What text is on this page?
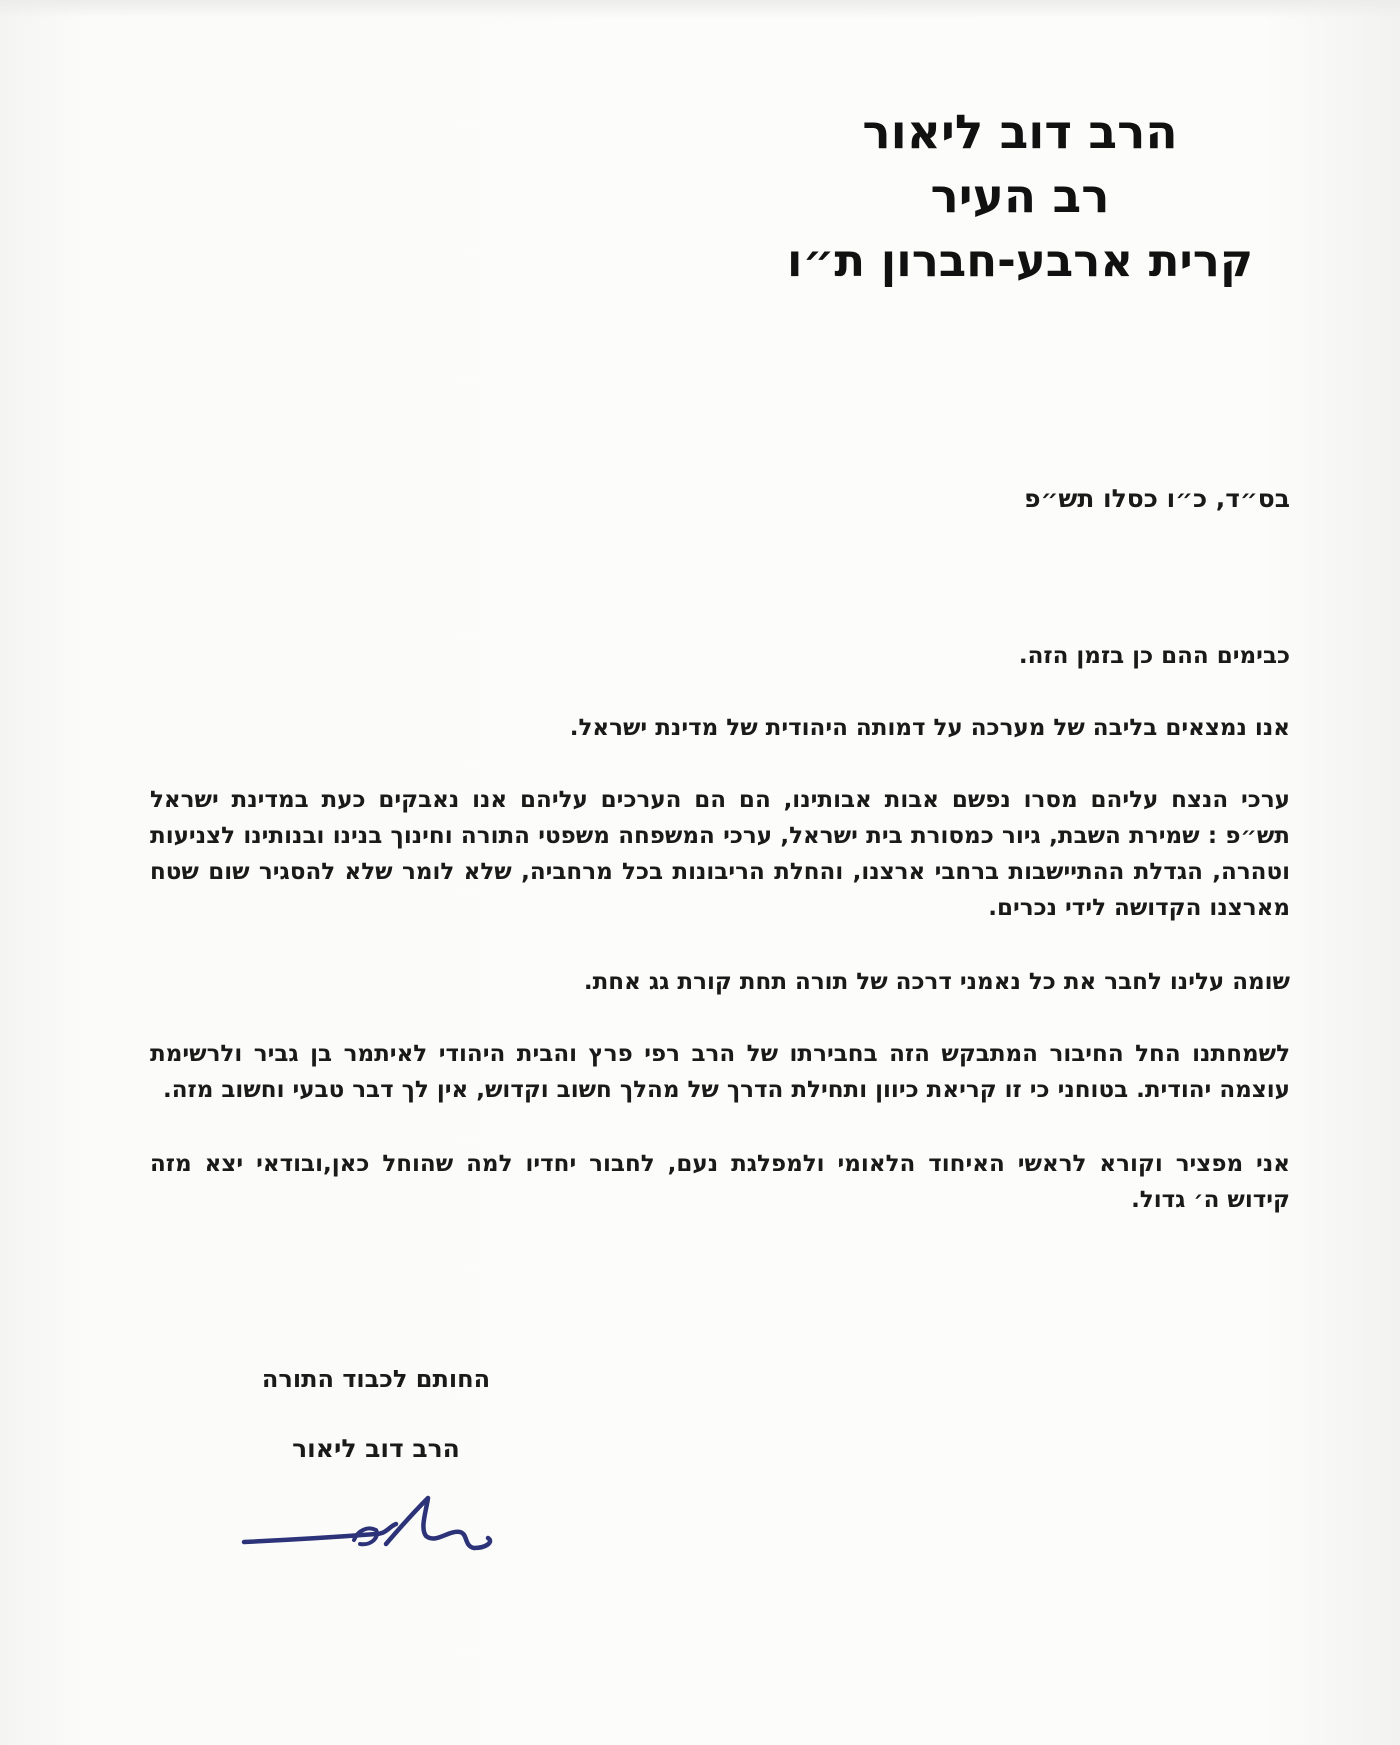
הרב דוב ליאור
רב העיר
קרית ארבע-חברון ת״ו
בס״ד, כ״ו כסלו תש״פ

כבימים ההם כן בזמן הזה.

אנו נמצאים בליבה של מערכה על דמותה היהודית של מדינת ישראל.

ערכי הנצח עליהם מסרו נפשם אבות אבותינו, הם הם הערכים עליהם אנו נאבקים כעת במדינת ישראל תש״פ : שמירת השבת, גיור כמסורת בית ישראל, ערכי המשפחה משפטי התורה וחינוך בנינו ובנותינו לצניעות וטהרה, הגדלת ההתיישבות ברחבי ארצנו, והחלת הריבונות בכל מרחביה, שלא לומר שלא להסגיר שום שטח מארצנו הקדושה לידי נכרים.

שומה עלינו לחבר את כל נאמני דרכה של תורה תחת קורת גג אחת.

לשמחתנו החל החיבור המתבקש הזה בחבירתו של הרב רפי פרץ והבית היהודי לאיתמר בן גביר ולרשימת עוצמה יהודית. בטוחני כי זו קריאת כיוון ותחילת הדרך של מהלך חשוב וקדוש, אין לך דבר טבעי וחשוב מזה.

אני מפציר וקורא לראשי האיחוד הלאומי ולמפלגת נעם, לחבור יחדיו למה שהוחל כאן,ובודאי יצא מזה קידוש ה׳ גדול.

החותם לכבוד התורה
הרב דוב ליאור
